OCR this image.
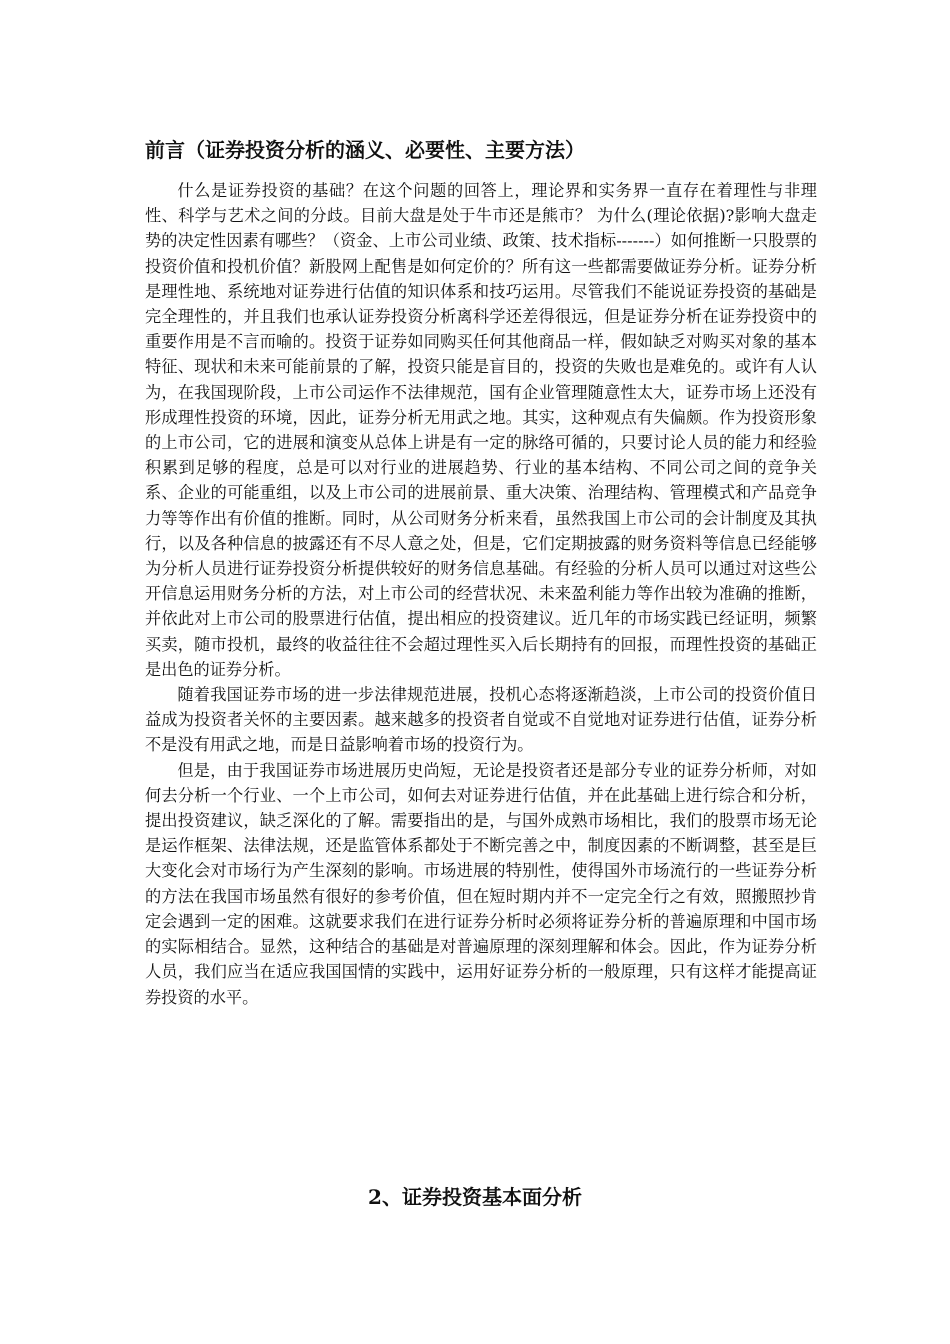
前言（证券投资分析的涵义、必要性、主要方法）

什么是证券投资的基础？在这个问题的回答上，理论界和实务界一直存在着理性与非理性、科学与艺术之间的分歧。目前大盘是处于牛市还是熊市？ 为什么(理论依据)?影响大盘走势的决定性因素有哪些？（资金、上市公司业绩、政策、技术指标-------）如何推断一只股票的投资价值和投机价值？新股网上配售是如何定价的？所有这一些都需要做证券分析。证券分析是理性地、系统地对证券进行估值的知识体系和技巧运用。尽管我们不能说证券投资的基础是完全理性的，并且我们也承认证券投资分析离科学还差得很远，但是证券分析在证券投资中的重要作用是不言而喻的。投资于证券如同购买任何其他商品一样，假如缺乏对购买对象的基本特征、现状和未来可能前景的了解，投资只能是盲目的，投资的失败也是难免的。或许有人认为，在我国现阶段，上市公司运作不法律规范，国有企业管理随意性太大，证券市场上还没有形成理性投资的环境，因此，证券分析无用武之地。其实，这种观点有失偏颇。作为投资形象的上市公司，它的进展和演变从总体上讲是有一定的脉络可循的，只要讨论人员的能力和经验积累到足够的程度，总是可以对行业的进展趋势、行业的基本结构、不同公司之间的竞争关系、企业的可能重组，以及上市公司的进展前景、重大决策、治理结构、管理模式和产品竞争力等等作出有价值的推断。同时，从公司财务分析来看，虽然我国上市公司的会计制度及其执行，以及各种信息的披露还有不尽人意之处，但是，它们定期披露的财务资料等信息已经能够为分析人员进行证券投资分析提供较好的财务信息基础。有经验的分析人员可以通过对这些公开信息运用财务分析的方法，对上市公司的经营状况、未来盈利能力等作出较为准确的推断，并依此对上市公司的股票进行估值，提出相应的投资建议。近几年的市场实践已经证明，频繁买卖，随市投机，最终的收益往往不会超过理性买入后长期持有的回报，而理性投资的基础正是出色的证券分析。

随着我国证券市场的进一步法律规范进展，投机心态将逐渐趋淡，上市公司的投资价值日益成为投资者关怀的主要因素。越来越多的投资者自觉或不自觉地对证券进行估值，证券分析不是没有用武之地，而是日益影响着市场的投资行为。

但是，由于我国证券市场进展历史尚短，无论是投资者还是部分专业的证券分析师，对如何去分析一个行业、一个上市公司，如何去对证券进行估值，并在此基础上进行综合和分析，提出投资建议，缺乏深化的了解。需要指出的是，与国外成熟市场相比，我们的股票市场无论是运作框架、法律法规，还是监管体系都处于不断完善之中，制度因素的不断调整，甚至是巨大变化会对市场行为产生深刻的影响。市场进展的特别性，使得国外市场流行的一些证券分析的方法在我国市场虽然有很好的参考价值，但在短时期内并不一定完全行之有效，照搬照抄肯定会遇到一定的困难。这就要求我们在进行证券分析时必须将证券分析的普遍原理和中国市场的实际相结合。显然，这种结合的基础是对普遍原理的深刻理解和体会。因此，作为证券分析人员，我们应当在适应我国国情的实践中，运用好证券分析的一般原理，只有这样才能提高证券投资的水平。

2、证券投资基本面分析
